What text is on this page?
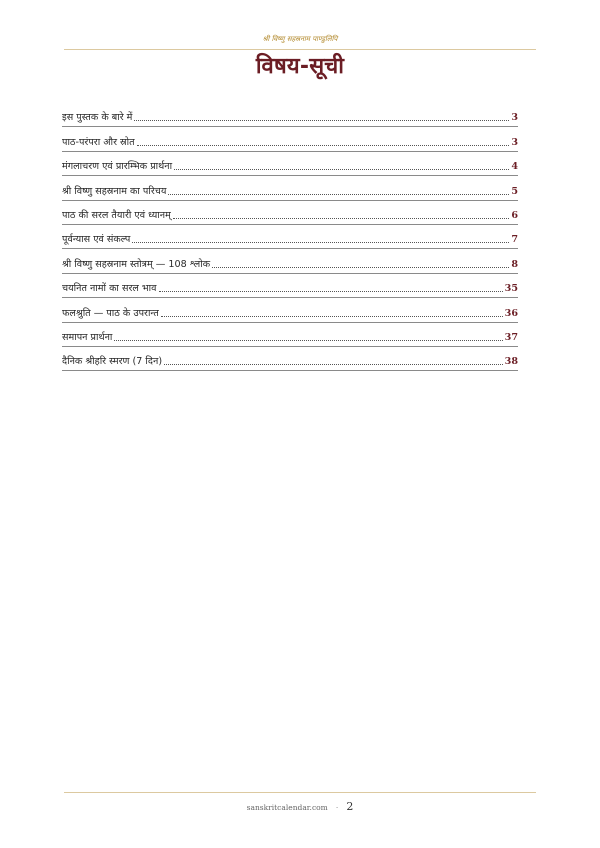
श्री विष्णु सहस्रनाम पाण्डुलिपि
विषय-सूची
इस पुस्तक के बारे में	3
पाठ-परंपरा और स्रोत	3
मंगलाचरण एवं प्रारम्भिक प्रार्थना	4
श्री विष्णु सहस्रनाम का परिचय	5
पाठ की सरल तैयारी एवं ध्यानम्	6
पूर्वन्यास एवं संकल्प	7
श्री विष्णु सहस्रनाम स्तोत्रम् — 108 श्लोक	8
चयनित नामों का सरल भाव	35
फलश्रुति — पाठ के उपरान्त	36
समापन प्रार्थना	37
दैनिक श्रीहरि स्मरण (7 दिन)	38
sanskritcalendar.com · 2
